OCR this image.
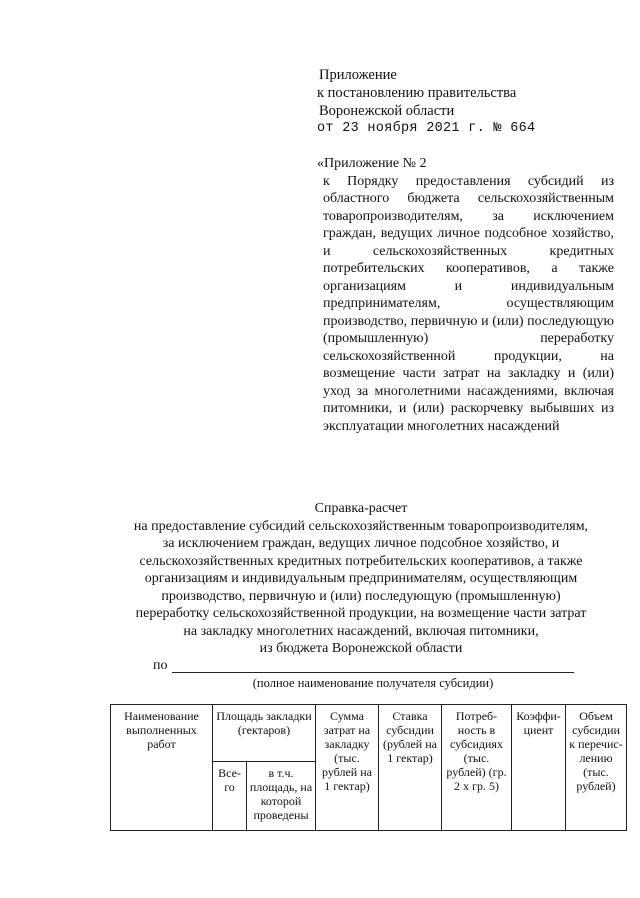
Приложение
к постановлению правительства
Воронежской области
от 23 ноября 2021 г. № 664

«Приложение № 2

к Порядку предоставления субсидий из областного бюджета сельскохозяйственным товаропроизводителям, за исключением граждан, ведущих личное подсобное хозяйство, и сельскохозяйственных кредитных потребительских кооперативов, а также организациям и индивидуальным предпринимателям, осуществляющим производство, первичную и (или) последующую (промышленную) переработку сельскохозяйственной продукции, на возмещение части затрат на закладку и (или) уход за многолетними насаждениями, включая питомники, и (или) раскорчевку выбывших из эксплуатации многолетних насаждений

Справка-расчет
на предоставление субсидий сельскохозяйственным товаропроизводителям,
за исключением граждан, ведущих личное подсобное хозяйство, и
сельскохозяйственных кредитных потребительских кооперативов, а также
организациям и индивидуальным предпринимателям, осуществляющим
производство, первичную и (или) последующую (промышленную)
переработку сельскохозяйственной продукции, на возмещение части затрат
на закладку многолетних насаждений, включая питомники,
из бюджета Воронежской области
по
(полное наименование получателя субсидии)
Наименование выполненных работ	Площадь закладки (гектаров)		Сумма затрат на закладку (тыс. рублей на 1 гектар)	Ставка субсидии (рублей на 1 гектар)	Потреб-ность в субсидиях (тыс. рублей) (гр. 2 х гр. 5)	Коэффи-циент	Объем субсидии к перечис-лению (тыс. рублей)
	Все-го	в т.ч. площадь, на которой проведены					
